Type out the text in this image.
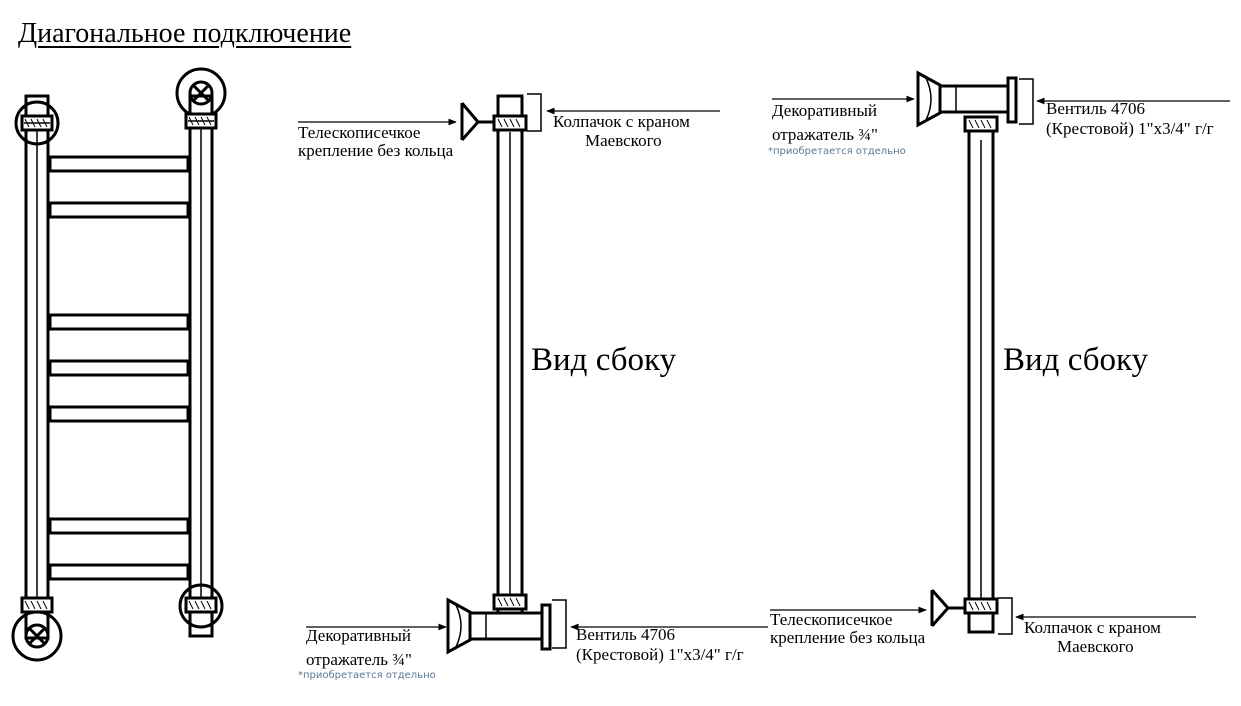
Диагональное подключение
Вид сбоку	Вид сбоку
Телескописечкое
крепление без кольца
Колпачок с краном
Маевского
Декоративный
отражатель ¾"
*приобретается отдельно
Вентиль 4706
(Крестовой) 1"x3/4" г/г
Декоративный
отражатель ¾"
*приобретается отдельно
Вентиль 4706
(Крестовой) 1"x3/4" г/г
Телескописечкое
крепление без кольца
Колпачок с краном
Маевского
